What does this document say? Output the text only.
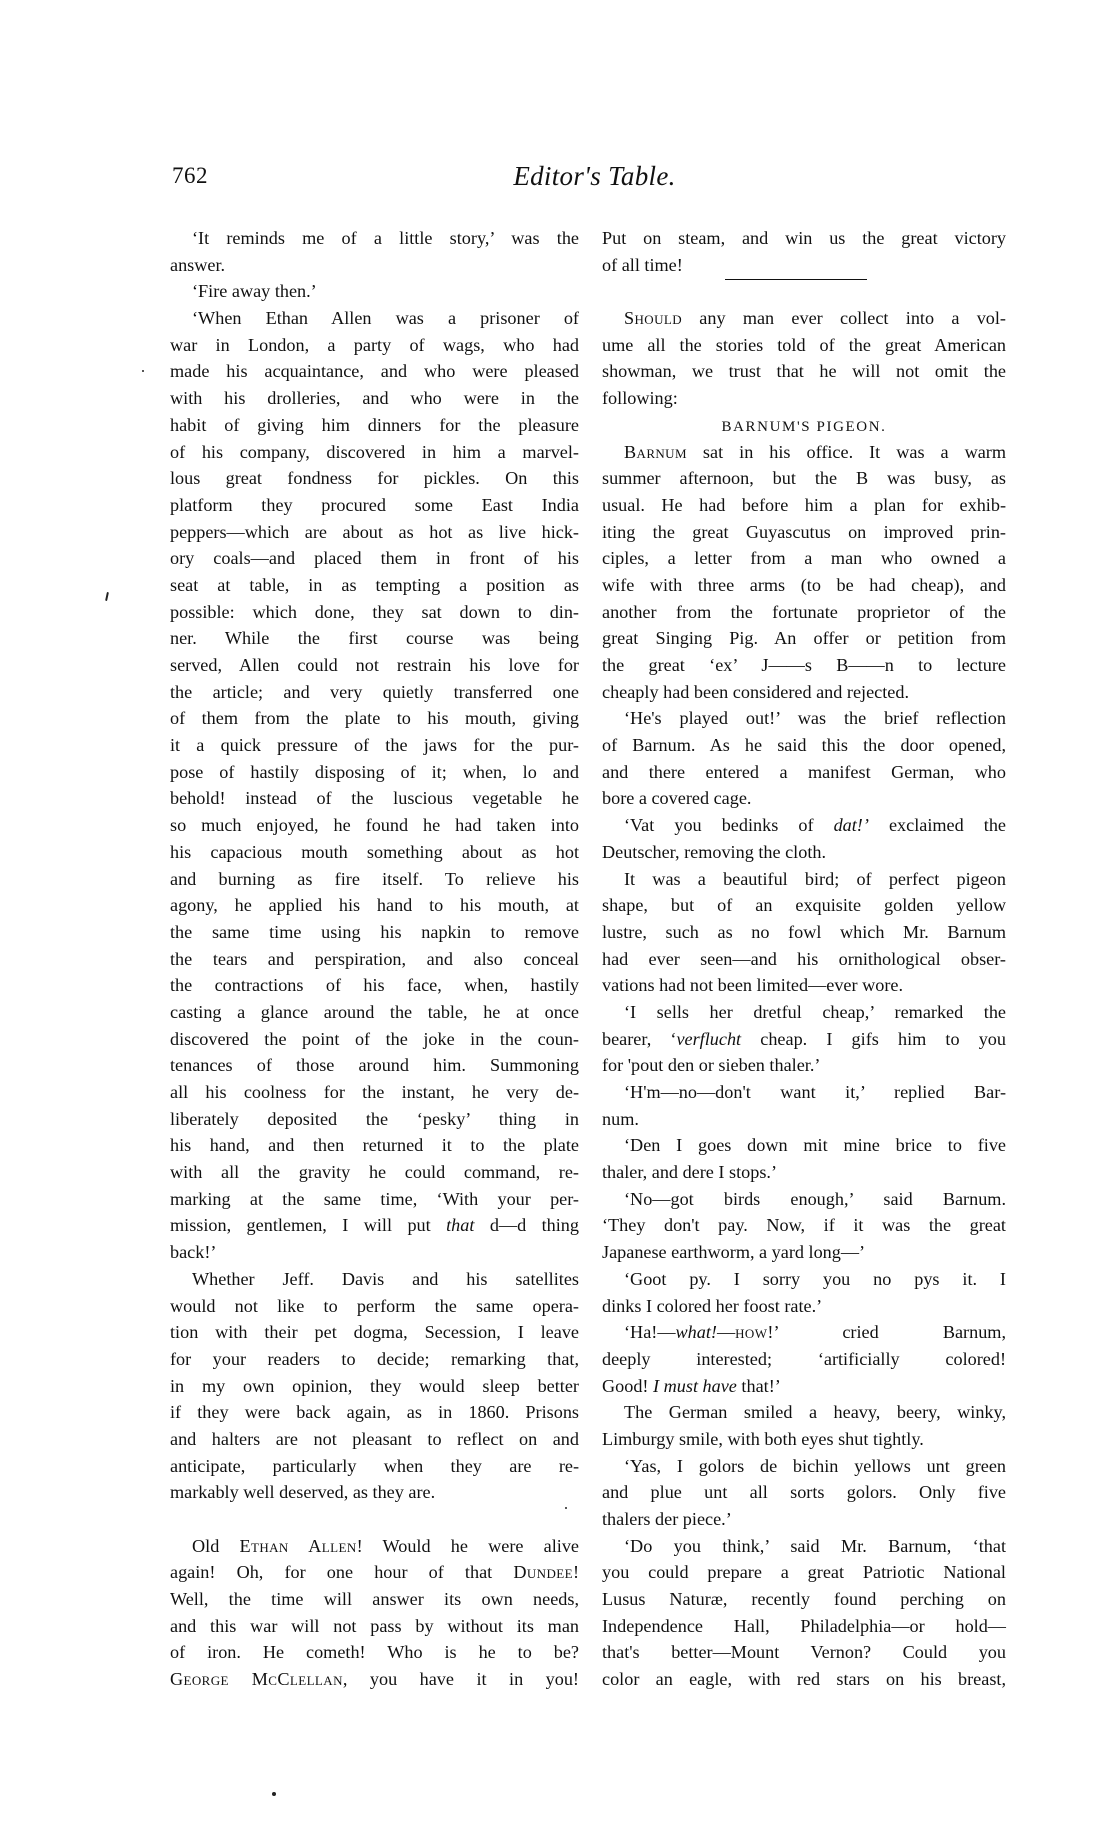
762	Editor's Table.
‘It reminds me of a little story,’ was the
answer.
‘Fire away then.’
‘When Ethan Allen was a prisoner of
war in London, a party of wags, who had
made his acquaintance, and who were pleased
with his drolleries, and who were in the
habit of giving him dinners for the pleasure
of his company, discovered in him a marvel-
lous great fondness for pickles. On this
platform they procured some East India
peppers—which are about as hot as live hick-
ory coals—and placed them in front of his
seat at table, in as tempting a position as
possible: which done, they sat down to din-
ner. While the first course was being
served, Allen could not restrain his love for
the article; and very quietly transferred one
of them from the plate to his mouth, giving
it a quick pressure of the jaws for the pur-
pose of hastily disposing of it; when, lo and
behold! instead of the luscious vegetable he
so much enjoyed, he found he had taken into
his capacious mouth something about as hot
and burning as fire itself. To relieve his
agony, he applied his hand to his mouth, at
the same time using his napkin to remove
the tears and perspiration, and also conceal
the contractions of his face, when, hastily
casting a glance around the table, he at once
discovered the point of the joke in the coun-
tenances of those around him. Summoning
all his coolness for the instant, he very de-
liberately deposited the ‘pesky’ thing in
his hand, and then returned it to the plate
with all the gravity he could command, re-
marking at the same time, ‘With your per-
mission, gentlemen, I will put that d—d thing
back!’
Whether Jeff. Davis and his satellites
would not like to perform the same opera-
tion with their pet dogma, Secession, I leave
for your readers to decide; remarking that,
in my own opinion, they would sleep better
if they were back again, as in 1860. Prisons
and halters are not pleasant to reflect on and
anticipate, particularly when they are re-
markably well deserved, as they are.
Old Ethan Allen! Would he were alive
again! Oh, for one hour of that Dundee!
Well, the time will answer its own needs,
and this war will not pass by without its man
of iron. He cometh! Who is he to be?
George McClellan, you have it in you!
Put on steam, and win us the great victory
of all time!
Should any man ever collect into a vol-
ume all the stories told of the great American
showman, we trust that he will not omit the
following:
BARNUM'S PIGEON.
Barnum sat in his office. It was a warm
summer afternoon, but the B was busy, as
usual. He had before him a plan for exhib-
iting the great Guyascutus on improved prin-
ciples, a letter from a man who owned a
wife with three arms (to be had cheap), and
another from the fortunate proprietor of the
great Singing Pig. An offer or petition from
the great ‘ex’ J——s B——n to lecture
cheaply had been considered and rejected.
‘He's played out!’ was the brief reflection
of Barnum. As he said this the door opened,
and there entered a manifest German, who
bore a covered cage.
‘Vat you bedinks of dat!’ exclaimed the
Deutscher, removing the cloth.
It was a beautiful bird; of perfect pigeon
shape, but of an exquisite golden yellow
lustre, such as no fowl which Mr. Barnum
had ever seen—and his ornithological obser-
vations had not been limited—ever wore.
‘I sells her dretful cheap,’ remarked the
bearer, ‘verflucht cheap. I gifs him to you
for 'pout den or sieben thaler.’
‘H'm—no—don't want it,’ replied Bar-
num.
‘Den I goes down mit mine brice to five
thaler, and dere I stops.’
‘No—got birds enough,’ said Barnum.
‘They don't pay. Now, if it was the great
Japanese earthworm, a yard long—’
‘Goot py. I sorry you no pys it. I
dinks I colored her foost rate.’
‘Ha!—what!—how!’ cried Barnum,
deeply interested; ‘artificially colored!
Good! I must have that!’
The German smiled a heavy, beery, winky,
Limburgy smile, with both eyes shut tightly.
‘Yas, I golors de bichin yellows unt green
and plue unt all sorts golors. Only five
thalers der piece.’
‘Do you think,’ said Mr. Barnum, ‘that
you could prepare a great Patriotic National
Lusus Naturæ, recently found perching on
Independence Hall, Philadelphia—or hold—
that's better—Mount Vernon? Could you
color an eagle, with red stars on his breast,
